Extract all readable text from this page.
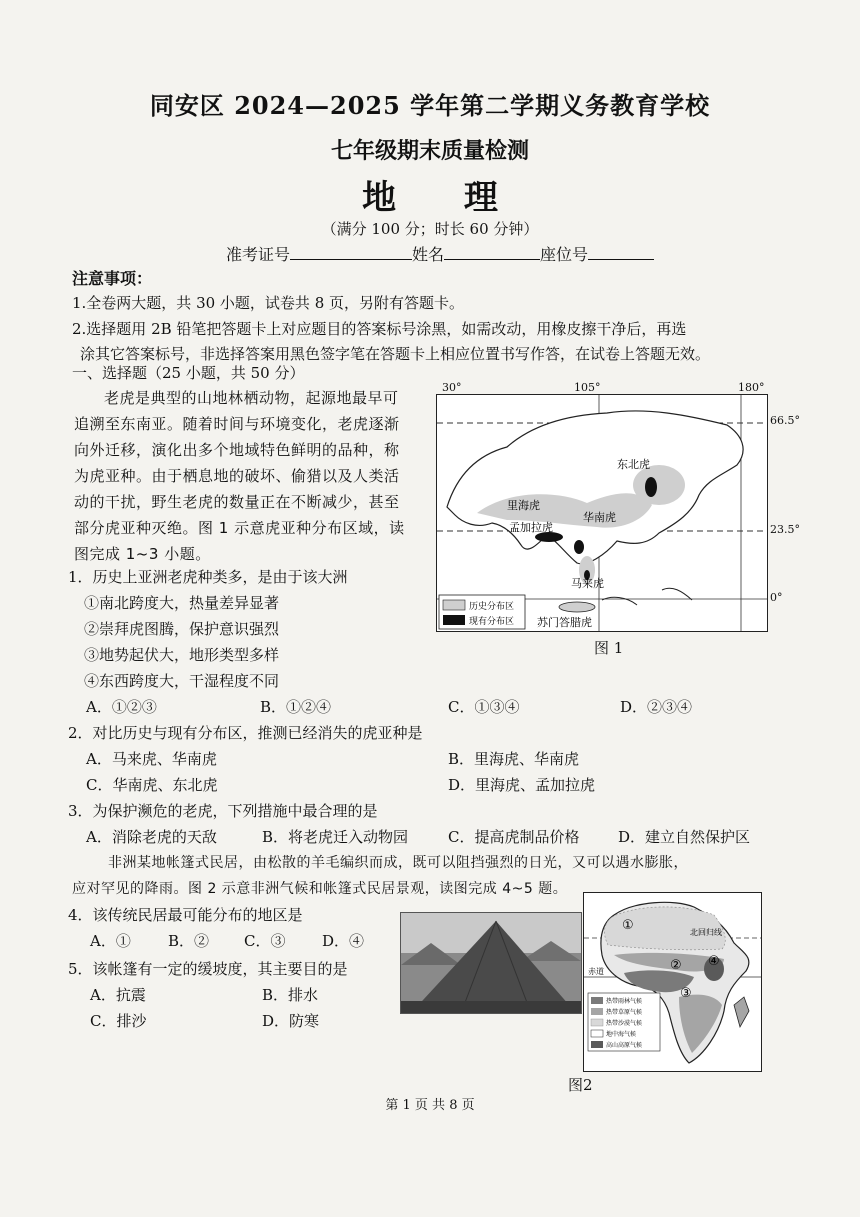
同安区 2024—2025 学年第二学期义务教育学校
七年级期末质量检测
地 理
（满分 100 分；时长 60 分钟）
准考证号	姓名	座位号
注意事项：
1.全卷两大题，共 30 小题，试卷共 8 页，另附有答题卡。
2.选择题用 2B 铅笔把答题卡上对应题目的答案标号涂黑，如需改动，用橡皮擦干净后，再选
涂其它答案标号，非选择答案用黑色签字笔在答题卡上相应位置书写作答，在试卷上答题无效。
一、选择题（25 小题，共 50 分）
老虎是典型的山地林栖动物，起源地最早可
追溯至东南亚。随着时间与环境变化，老虎逐渐
向外迁移，演化出多个地域特色鲜明的品种，称
为虎亚种。由于栖息地的破坏、偷猎以及人类活
动的干扰，野生老虎的数量正在不断减少，甚至
部分虎亚种灭绝。图 1 示意虎亚种分布区域，读
图完成 1~3 小题。
30°	105°	180°
东北虎
里海虎
孟加拉虎
华南虎
马来虎
苏门答腊虎
历史分布区
现有分布区
66.5°
23.5°
0°
图 1
1．历史上亚洲老虎种类多，是由于该大洲
①南北跨度大，热量差异显著
②崇拜虎图腾，保护意识强烈
③地势起伏大，地形类型多样
④东西跨度大，干湿程度不同
A．①②③	B．①②④	C．①③④	D．②③④
2．对比历史与现有分布区，推测已经消失的虎亚种是
A．马来虎、华南虎	B．里海虎、华南虎
C．华南虎、东北虎	D．里海虎、孟加拉虎
3．为保护濒危的老虎，下列措施中最合理的是
A．消除老虎的天敌	B．将老虎迁入动物园	C．提高虎制品价格	D．建立自然保护区
非洲某地帐篷式民居，由松散的羊毛编织而成，既可以阻挡强烈的日光，又可以遇水膨胀，
应对罕见的降雨。图 2 示意非洲气候和帐篷式民居景观，读图完成 4~5 题。
4．该传统民居最可能分布的地区是
A．① B．② C．③ D．④
5．该帐篷有一定的缓坡度，其主要目的是
A．抗震	B．排水
C．排沙	D．防寒
北回归线
赤道
①
②
③
④
热带雨林气候
热带草原气候
热带沙漠气候
地中海气候
高山高原气候
图2
第 1 页 共 8 页
